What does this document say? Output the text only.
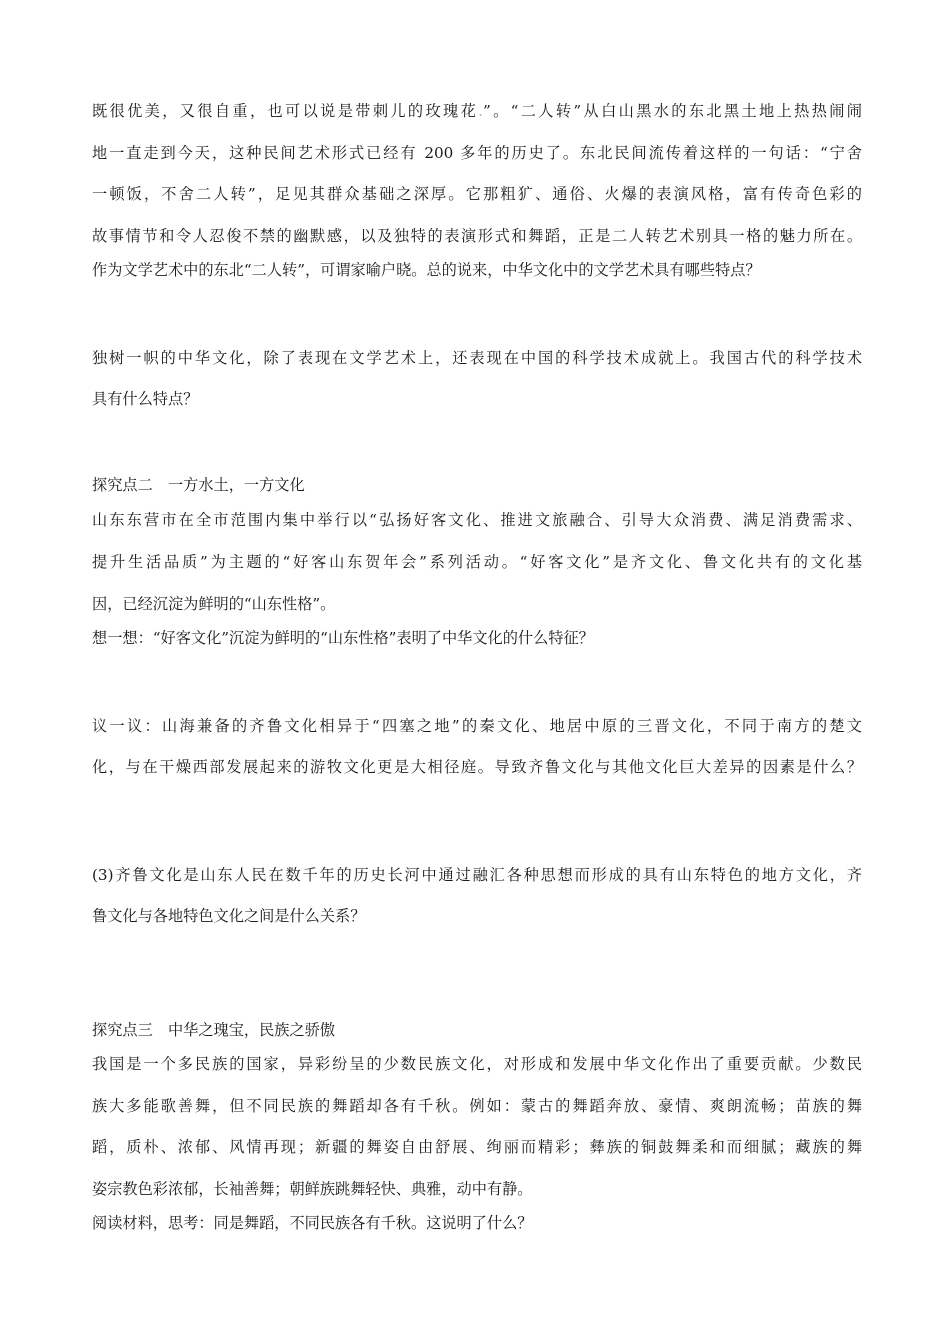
既很优美，又很自重，也可以说是带刺儿的玫瑰花.”。“二人转”从白山黑水的东北黑土地上热热闹闹
地一直走到今天，这种民间艺术形式已经有 200 多年的历史了。东北民间流传着这样的一句话：“宁舍
一顿饭，不舍二人转”，足见其群众基础之深厚。它那粗犷、通俗、火爆的表演风格，富有传奇色彩的
故事情节和令人忍俊不禁的幽默感，以及独特的表演形式和舞蹈，正是二人转艺术别具一格的魅力所在。
作为文学艺术中的东北“二人转”，可谓家喻户晓。总的说来，中华文化中的文学艺术具有哪些特点？
独树一帜的中华文化，除了表现在文学艺术上，还表现在中国的科学技术成就上。我国古代的科学技术
具有什么特点？
探究点二　一方水土，一方文化
山东东营市在全市范围内集中举行以“弘扬好客文化、推进文旅融合、引导大众消费、满足消费需求、
提升生活品质”为主题的“好客山东贺年会”系列活动。“好客文化”是齐文化、鲁文化共有的文化基
因，已经沉淀为鲜明的“山东性格”。
想一想：“好客文化”沉淀为鲜明的“山东性格”表明了中华文化的什么特征？
议一议：山海兼备的齐鲁文化相异于“四塞之地”的秦文化、地居中原的三晋文化，不同于南方的楚文
化，与在干燥西部发展起来的游牧文化更是大相径庭。导致齐鲁文化与其他文化巨大差异的因素是什么？
(3)齐鲁文化是山东人民在数千年的历史长河中通过融汇各种思想而形成的具有山东特色的地方文化，齐
鲁文化与各地特色文化之间是什么关系？
探究点三　中华之瑰宝，民族之骄傲
我国是一个多民族的国家，异彩纷呈的少数民族文化，对形成和发展中华文化作出了重要贡献。少数民
族大多能歌善舞，但不同民族的舞蹈却各有千秋。例如：蒙古的舞蹈奔放、豪情、爽朗流畅；苗族的舞
蹈，质朴、浓郁、风情再现；新疆的舞姿自由舒展、绚丽而精彩；彝族的铜鼓舞柔和而细腻；藏族的舞
姿宗教色彩浓郁，长袖善舞；朝鲜族跳舞轻快、典雅，动中有静。
阅读材料，思考：同是舞蹈，不同民族各有千秋。这说明了什么？
